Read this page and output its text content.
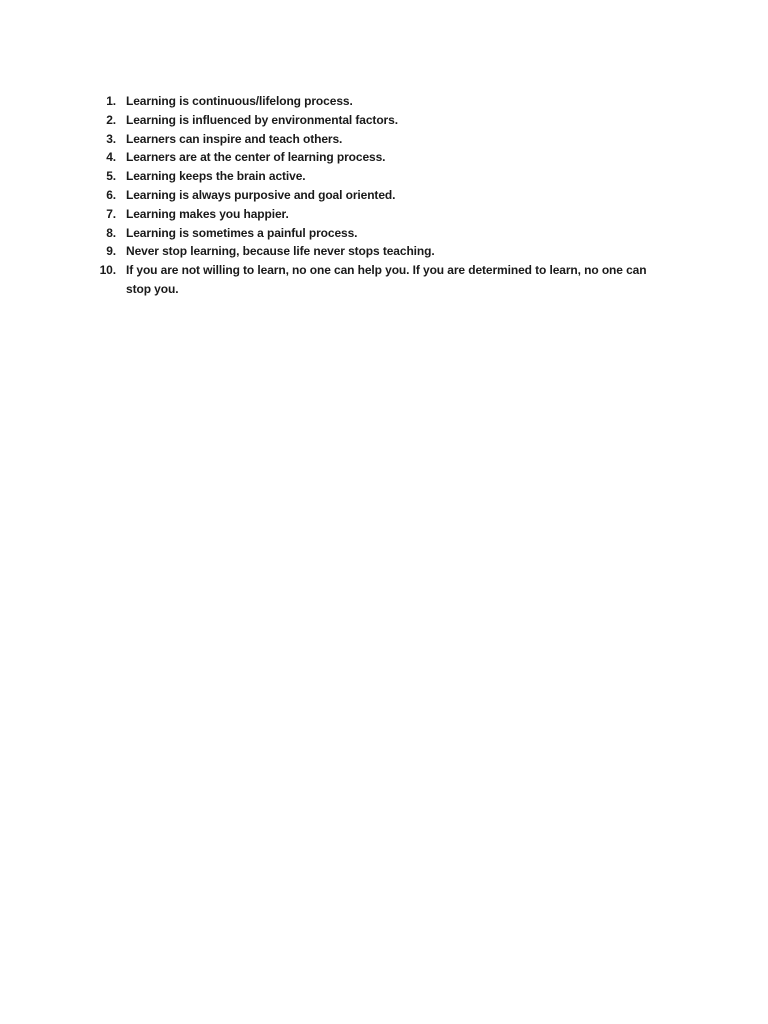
1. Learning is continuous/lifelong process.
2. Learning is influenced by environmental factors.
3. Learners can inspire and teach others.
4. Learners are at the center of learning process.
5. Learning keeps the brain active.
6. Learning is always purposive and goal oriented.
7. Learning makes you happier.
8. Learning is sometimes a painful process.
9. Never stop learning, because life never stops teaching.
10. If you are not willing to learn, no one can help you. If you are determined to learn, no one can stop you.
